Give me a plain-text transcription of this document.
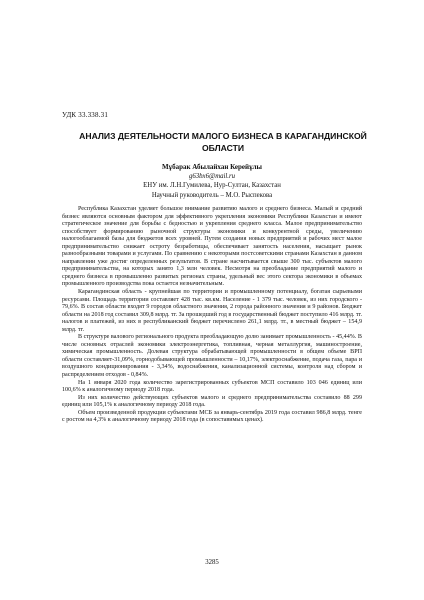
УДК 33.338.31
АНАЛИЗ ДЕЯТЕЛЬНОСТИ МАЛОГО БИЗНЕСА В КАРАГАНДИНСКОЙ ОБЛАСТИ
Мұбарак Абылайхан Керейұлы
g63bx6@mail.ru
ЕНУ им. Л.Н.Гумилева, Нур-Султан, Казахстан
Научный руководитель – М.О. Рыспекова

Республика Казахстан уделяет большое внимание развитию малого и среднего бизнеса. Малый и средний бизнес являются основным фактором для эффективного укрепления экономики Республики Казахстан и имеют стратегическое значение для борьбы с бедностью и укрепления среднего класса. Малое предпринимательство способствует формированию рыночной структуры экономики и конкурентной среды, увеличению налогооблагаемой базы для бюджетов всех уровней. Путем создания новых предприятий и рабочих мест малое предпринимательство снижает остроту безработицы, обеспечивает занятость населения, насыщает рынок разнообразными товарами и услугами. По сравнению с некоторыми постсоветскими странами Казахстан в данном направлении уже достиг определенных результатов. В стране насчитывается свыше 300 тыс. субъектов малого предпринимательства, на которых занято 1,3 млн человек. Несмотря на преобладание предприятий малого и среднего бизнеса в промышленно развитых регионах страны, удельный вес этого сектора экономики в объемах промышленного производства пока остается незначительным.

Карагандинская область - крупнейшая по территории и промышленному потенциалу, богатая сырьевыми ресурсами. Площадь территории составляет 428 тыс. кв.км. Население - 1 379 тыс. человек, из них городского - 79,6%. В состав области входят 9 городов областного значения, 2 города районного значения и 9 районов. Бюджет области на 2018 год составил 309,8 млрд. тг. За прошедший год в государственный бюджет поступило 416 млрд. тг. налогов и платежей, из них в республиканский бюджет перечислено 261,1 млрд. тг., в местный бюджет – 154,9 млрд. тг.

В структуре валового регионального продукта преобладающую долю занимает промышленность - 45,44%. В числе основных отраслей экономики электроэнергетика, топливная, черная металлургия, машиностроение, химическая промышленность. Долевая структура обрабатывающей промышленности в общем объеме ВРП области составляет-31,09%, горнодобывающей промышленности – 10,17%, электроснабжение, подача газа, пара и воздушного кондиционирования - 3,34%, водоснабжения, канализационной системы, контроля над сбором и распределением отходов - 0,84%.

На 1 января 2020 года количество зарегистрированных субъектов МСП составило 103 046 единиц или 100,6% к аналогичному периоду 2018 года.

Из них количество действующих субъектов малого и среднего предпринимательства составило 88 299 единиц или 105,1% к аналогичному периоду 2018 года.

Объем произведенной продукции субъектами МСБ за январь-сентябрь 2019 года составил 986,8 млрд. тенге с ростом на 4,3% к аналогичному периоду 2018 года (в сопоставимых ценах).

3285
